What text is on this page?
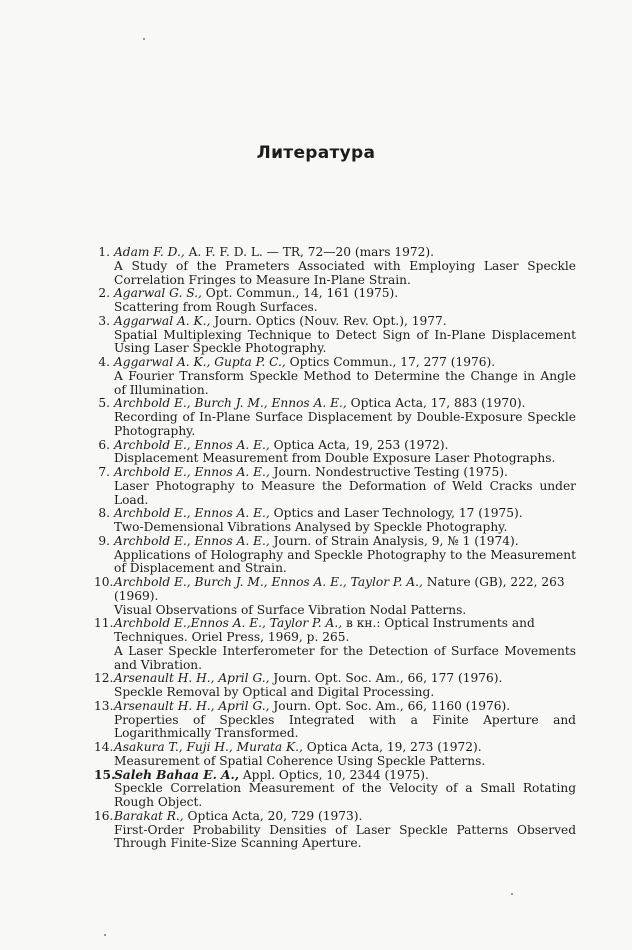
Литература
1. Adam F. D., A. F. F. D. L. — TR, 72—20 (mars 1972).
A Study of the Prameters Associated with Employing Laser Speckle Correlation Fringes to Measure In-Plane Strain.
2. Agarwal G. S., Opt. Commun., 14, 161 (1975).
Scattering from Rough Surfaces.
3. Aggarwal A. K., Journ. Optics (Nouv. Rev. Opt.), 1977.
Spatial Multiplexing Technique to Detect Sign of In-Plane Displacement Using Laser Speckle Photography.
4. Aggarwal A. K., Gupta P. C., Optics Commun., 17, 277 (1976).
A Fourier Transform Speckle Method to Determine the Change in Angle of Illumination.
5. Archbold E., Burch J. M., Ennos A. E., Optica Acta, 17, 883 (1970).
Recording of In-Plane Surface Displacement by Double-Exposure Speckle Photography.
6. Archbold E., Ennos A. E., Optica Acta, 19, 253 (1972).
Displacement Measurement from Double Exposure Laser Photographs.
7. Archbold E., Ennos A. E., Journ. Nondestructive Testing (1975).
Laser Photography to Measure the Deformation of Weld Cracks under Load.
8. Archbold E., Ennos A. E., Optics and Laser Technology, 17 (1975).
Two-Demensional Vibrations Analysed by Speckle Photography.
9. Archbold E., Ennos A. E., Journ. of Strain Analysis, 9, № 1 (1974).
Applications of Holography and Speckle Photography to the Measurement of Displacement and Strain.
10. Archbold E., Burch J. M., Ennos A. E., Taylor P. A., Nature (GB), 222, 263 (1969).
Visual Observations of Surface Vibration Nodal Patterns.
11. Archbold E.,Ennos A. E., Taylor P. A., в кн.: Optical Instruments and Techniques. Oriel Press, 1969, p. 265.
A Laser Speckle Interferometer for the Detection of Surface Movements and Vibration.
12. Arsenault H. H., April G., Journ. Opt. Soc. Am., 66, 177 (1976).
Speckle Removal by Optical and Digital Processing.
13. Arsenault H. H., April G., Journ. Opt. Soc. Am., 66, 1160 (1976).
Properties of Speckles Integrated with a Finite Aperture and Logarithmically Transformed.
14. Asakura T., Fuji H., Murata K., Optica Acta, 19, 273 (1972).
Measurement of Spatial Coherence Using Speckle Patterns.
15.
Saleh Bahaa E. A., Appl. Optics, 10, 2344 (1975).
Speckle Correlation Measurement of the Velocity of a Small Rotating Rough Object.
16. Barakat R., Optica Acta, 20, 729 (1973).
First-Order Probability Densities of Laser Speckle Patterns Observed Through Finite-Size Scanning Aperture.
